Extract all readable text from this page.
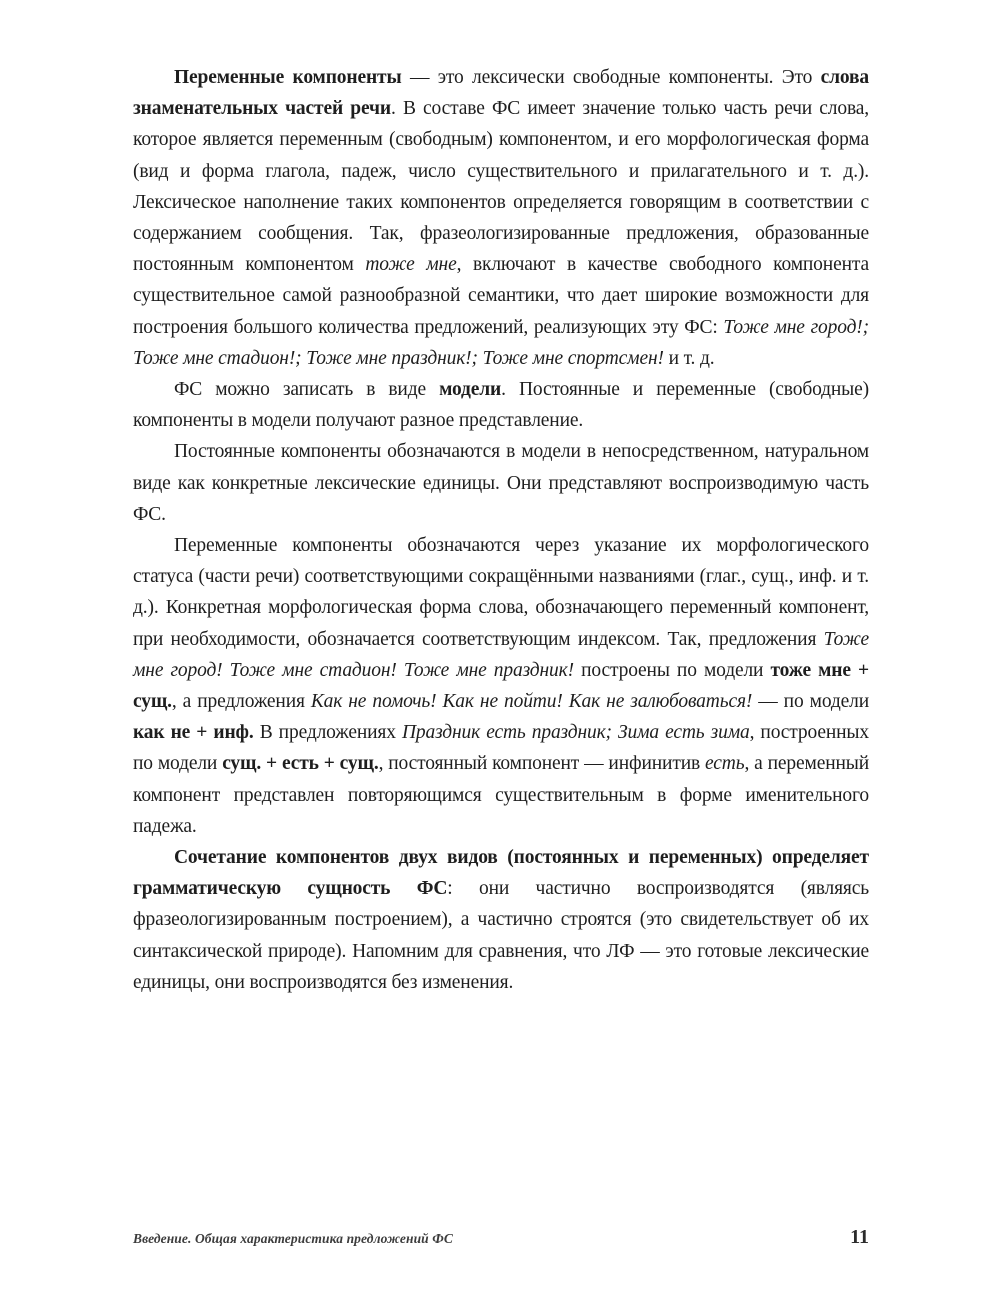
Переменные компоненты — это лексически свободные компоненты. Это слова знаменательных частей речи. В составе ФС имеет значение только часть речи слова, которое является переменным (свободным) компонентом, и его морфологическая форма (вид и форма глагола, падеж, число существительного и прилагательного и т. д.). Лексическое наполнение таких компонентов определяется говорящим в соответствии с содержанием сообщения. Так, фразеологизированные предложения, образованные постоянным компонентом тоже мне, включают в качестве свободного компонента существительное самой разнообразной семантики, что дает широкие возможности для построения большого количества предложений, реализующих эту ФС: Тоже мне город!; Тоже мне стадион!; Тоже мне праздник!; Тоже мне спортсмен! и т. д.

ФС можно записать в виде модели. Постоянные и переменные (свободные) компоненты в модели получают разное представление.

Постоянные компоненты обозначаются в модели в непосредственном, натуральном виде как конкретные лексические единицы. Они представляют воспроизводимую часть ФС.

Переменные компоненты обозначаются через указание их морфологического статуса (части речи) соответствующими сокращёнными названиями (глаг., сущ., инф. и т. д.). Конкретная морфологическая форма слова, обозначающего переменный компонент, при необходимости, обозначается соответствующим индексом. Так, предложения Тоже мне город! Тоже мне стадион! Тоже мне праздник! построены по модели тоже мне + сущ., а предложения Как не помочь! Как не пойти! Как не залюбоваться! — по модели как не + инф. В предложениях Праздник есть праздник; Зима есть зима, построенных по модели сущ. + есть + сущ., постоянный компонент — инфинитив есть, а переменный компонент представлен повторяющимся существительным в форме именительного падежа.

Сочетание компонентов двух видов (постоянных и переменных) определяет грамматическую сущность ФС: они частично воспроизводятся (являясь фразеологизированным построением), а частично строятся (это свидетельствует об их синтаксической природе). Напомним для сравнения, что ЛФ — это готовые лексические единицы, они воспроизводятся без изменения.

Введение. Общая характеристика предложений ФС	11
